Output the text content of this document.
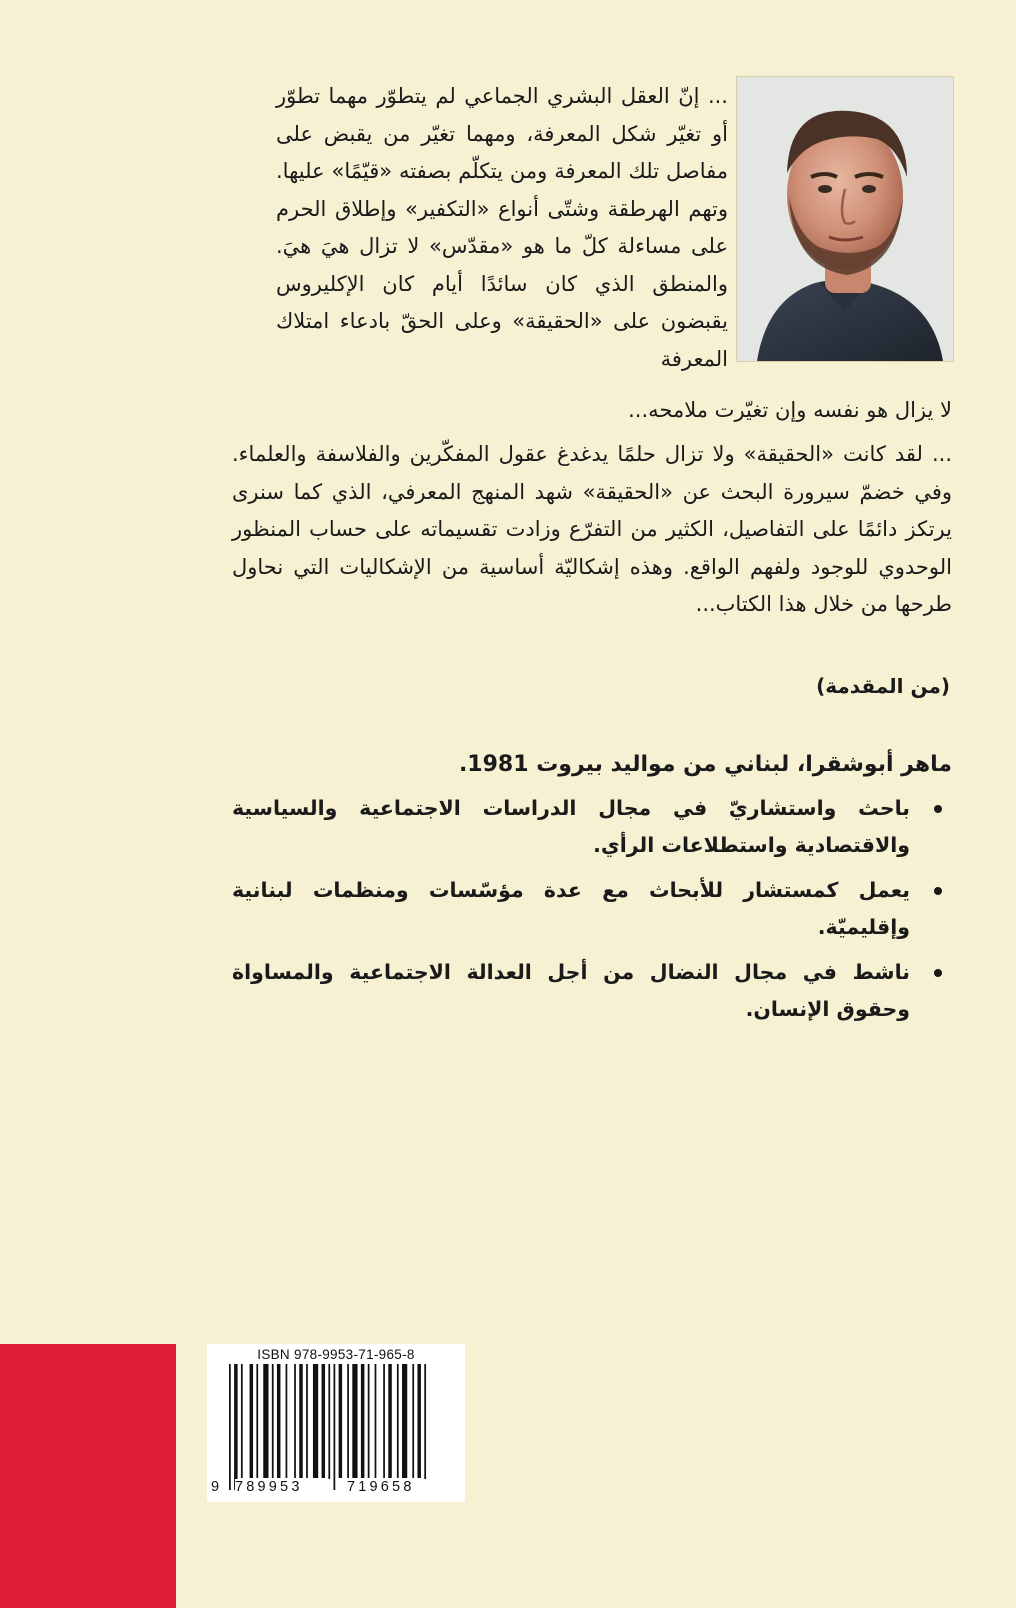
... إنّ العقل البشري الجماعي لم يتطوّر مهما تطوّر أو تغيّر شكل المعرفة، ومهما تغيّر من يقبض على مفاصل تلك المعرفة ومن يتكلّم بصفته «قيّمًا» عليها. وتهم الهرطقة وشتّى أنواع «التكفير» وإطلاق الحرم على مساءلة كلّ ما هو «مقدّس» لا تزال هيَ هيَ. والمنطق الذي كان سائدًا أيام كان الإكليروس يقبضون على «الحقيقة» وعلى الحقّ بادعاء امتلاك المعرفة
لا يزال هو نفسه وإن تغيّرت ملامحه...
... لقد كانت «الحقيقة» ولا تزال حلمًا يدغدغ عقول المفكّرين والفلاسفة والعلماء. وفي خضمّ سيرورة البحث عن «الحقيقة» شهد المنهج المعرفي، الذي كما سنرى يرتكز دائمًا على التفاصيل، الكثير من التفرّع وزادت تقسيماته على حساب المنظور الوحدوي للوجود ولفهم الواقع. وهذه إشكاليّة أساسية من الإشكاليات التي نحاول طرحها من خلال هذا الكتاب...
(من المقدمة)
ماهر أبوشقرا، لبناني من مواليد بيروت 1981.
باحث واستشاريّ في مجال الدراسات الاجتماعية والسياسية والاقتصادية واستطلاعات الرأي.
يعمل كمستشار للأبحاث مع عدة مؤسّسات ومنظمات لبنانية وإقليميّة.
ناشط في مجال النضال من أجل العدالة الاجتماعية والمساواة وحقوق الإنسان.
ISBN 978-9953-71-965-8
9 789953	719658
